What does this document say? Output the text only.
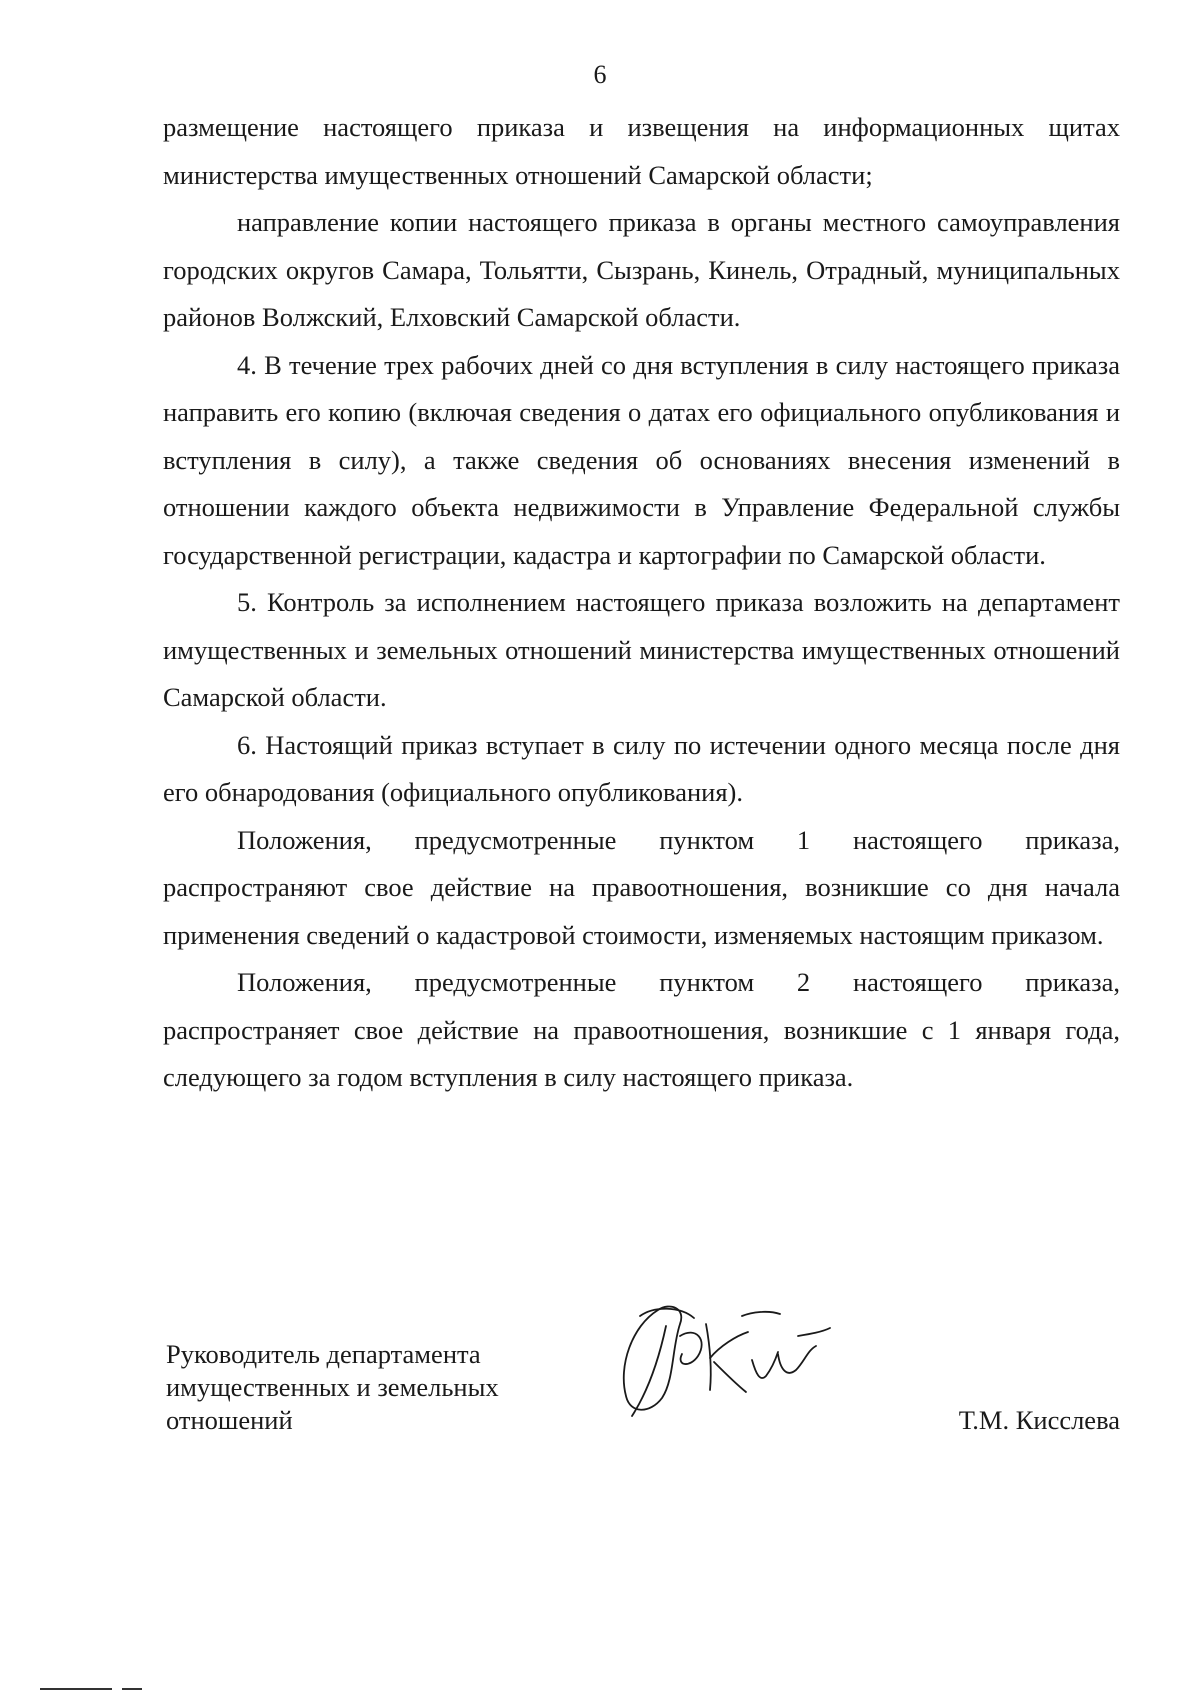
6

размещение настоящего приказа и извещения на информационных щитах министерства имущественных отношений Самарской области;

направление копии настоящего приказа в органы местного самоуправления городских округов Самара, Тольятти, Сызрань, Кинель, Отрадный, муниципальных районов Волжский, Елховский Самарской области.

4. В течение трех рабочих дней со дня вступления в силу настоящего приказа направить его копию (включая сведения о датах его официального опубликования и вступления в силу), а также сведения об основаниях внесения изменений в отношении каждого объекта недвижимости в Управление Федеральной службы государственной регистрации, кадастра и картографии по Самарской области.

5. Контроль за исполнением настоящего приказа возложить на департамент имущественных и земельных отношений министерства имущественных отношений Самарской области.

6. Настоящий приказ вступает в силу по истечении одного месяца после дня его обнародования (официального опубликования).

Положения, предусмотренные пунктом 1 настоящего приказа, распространяют свое действие на правоотношения, возникшие со дня начала применения сведений о кадастровой стоимости, изменяемых настоящим приказом.

Положения, предусмотренные пунктом 2 настоящего приказа, распространяет свое действие на правоотношения, возникшие с 1 января года, следующего за годом вступления в силу настоящего приказа.

Руководитель департамента
имущественных и земельных
отношений	Т.М. Кисслева
